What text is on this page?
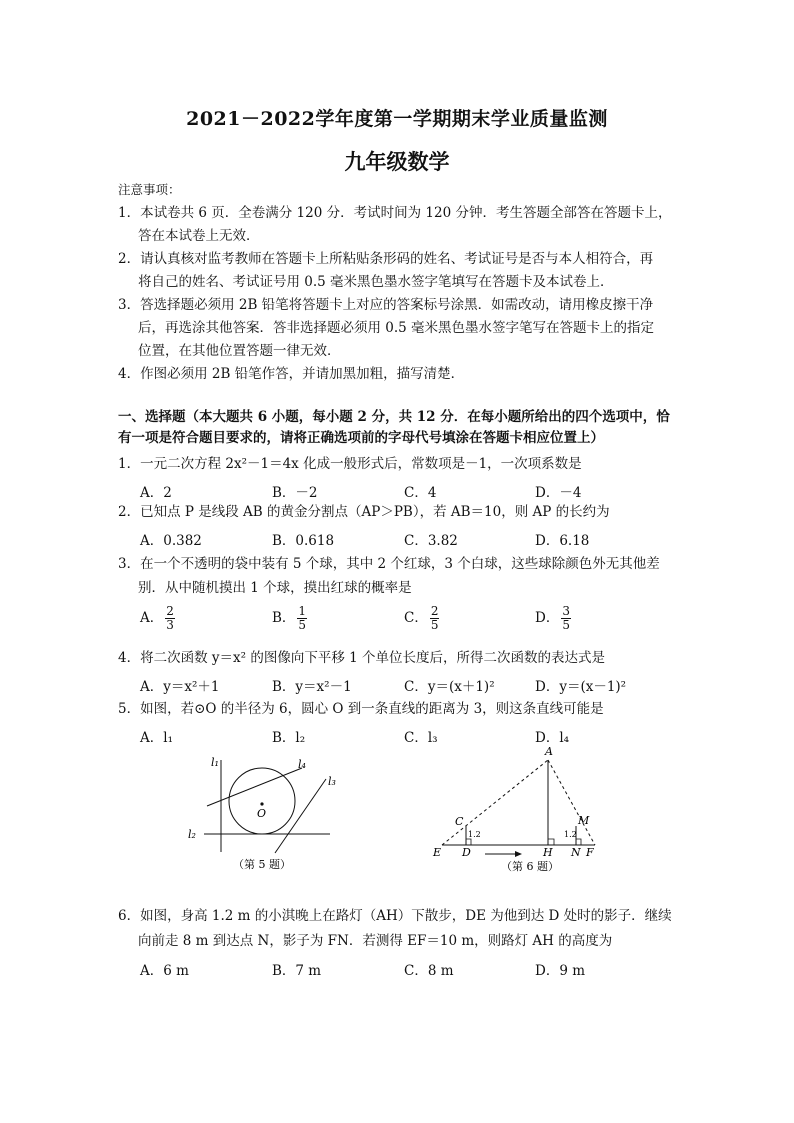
2021－2022学年度第一学期期末学业质量监测
九年级数学
注意事项：
1．本试卷共 6 页．全卷满分 120 分．考试时间为 120 分钟．考生答题全部答在答题卡上，
答在本试卷上无效．
2．请认真核对监考教师在答题卡上所粘贴条形码的姓名、考试证号是否与本人相符合，再
将自己的姓名、考试证号用 0.5 毫米黑色墨水签字笔填写在答题卡及本试卷上．
3．答选择题必须用 2B 铅笔将答题卡上对应的答案标号涂黑．如需改动，请用橡皮擦干净
后，再选涂其他答案．答非选择题必须用 0.5 毫米黑色墨水签字笔写在答题卡上的指定
位置，在其他位置答题一律无效．
4．作图必须用 2B 铅笔作答，并请加黑加粗，描写清楚．
一、选择题（本大题共 6 小题，每小题 2 分，共 12 分．在每小题所给出的四个选项中，恰
有一项是符合题目要求的，请将正确选项前的字母代号填涂在答题卡相应位置上）
1．一元二次方程 2x²－1＝4x 化成一般形式后，常数项是－1，一次项系数是
A．2	B．－2	C．4	D．－4
2．已知点 P 是线段 AB 的黄金分割点（AP＞PB），若 AB＝10，则 AP 的长约为
A．0.382	B．0.618	C．3.82	D．6.18
3．在一个不透明的袋中装有 5 个球，其中 2 个红球，3 个白球，这些球除颜色外无其他差
别．从中随机摸出 1 个球，摸出红球的概率是
A． $\frac{2}{3}$	B． $\frac{1}{5}$	C． $\frac{2}{5}$	D． $\frac{3}{5}$
4．将二次函数 y＝x² 的图像向下平移 1 个单位长度后，所得二次函数的表达式是
A．y＝x²＋1	B．y＝x²－1	C．y＝(x＋1)²	D．y＝(x－1)²
5．如图，若⊙O 的半径为 6，圆心 O 到一条直线的距离为 3，则这条直线可能是
A．l₁	B．l₂	C．l₃	D．l₄
O
l₁
l₂
l₃
l₄
（第 5 题）
A
C	M
E D	H N F
1.2	1.2
（第 6 题）
6．如图，身高 1.2 m 的小淇晚上在路灯（AH）下散步，DE 为他到达 D 处时的影子．继续
向前走 8 m 到达点 N，影子为 FN．若测得 EF＝10 m，则路灯 AH 的高度为
A．6 m	B．7 m	C．8 m	D．9 m
